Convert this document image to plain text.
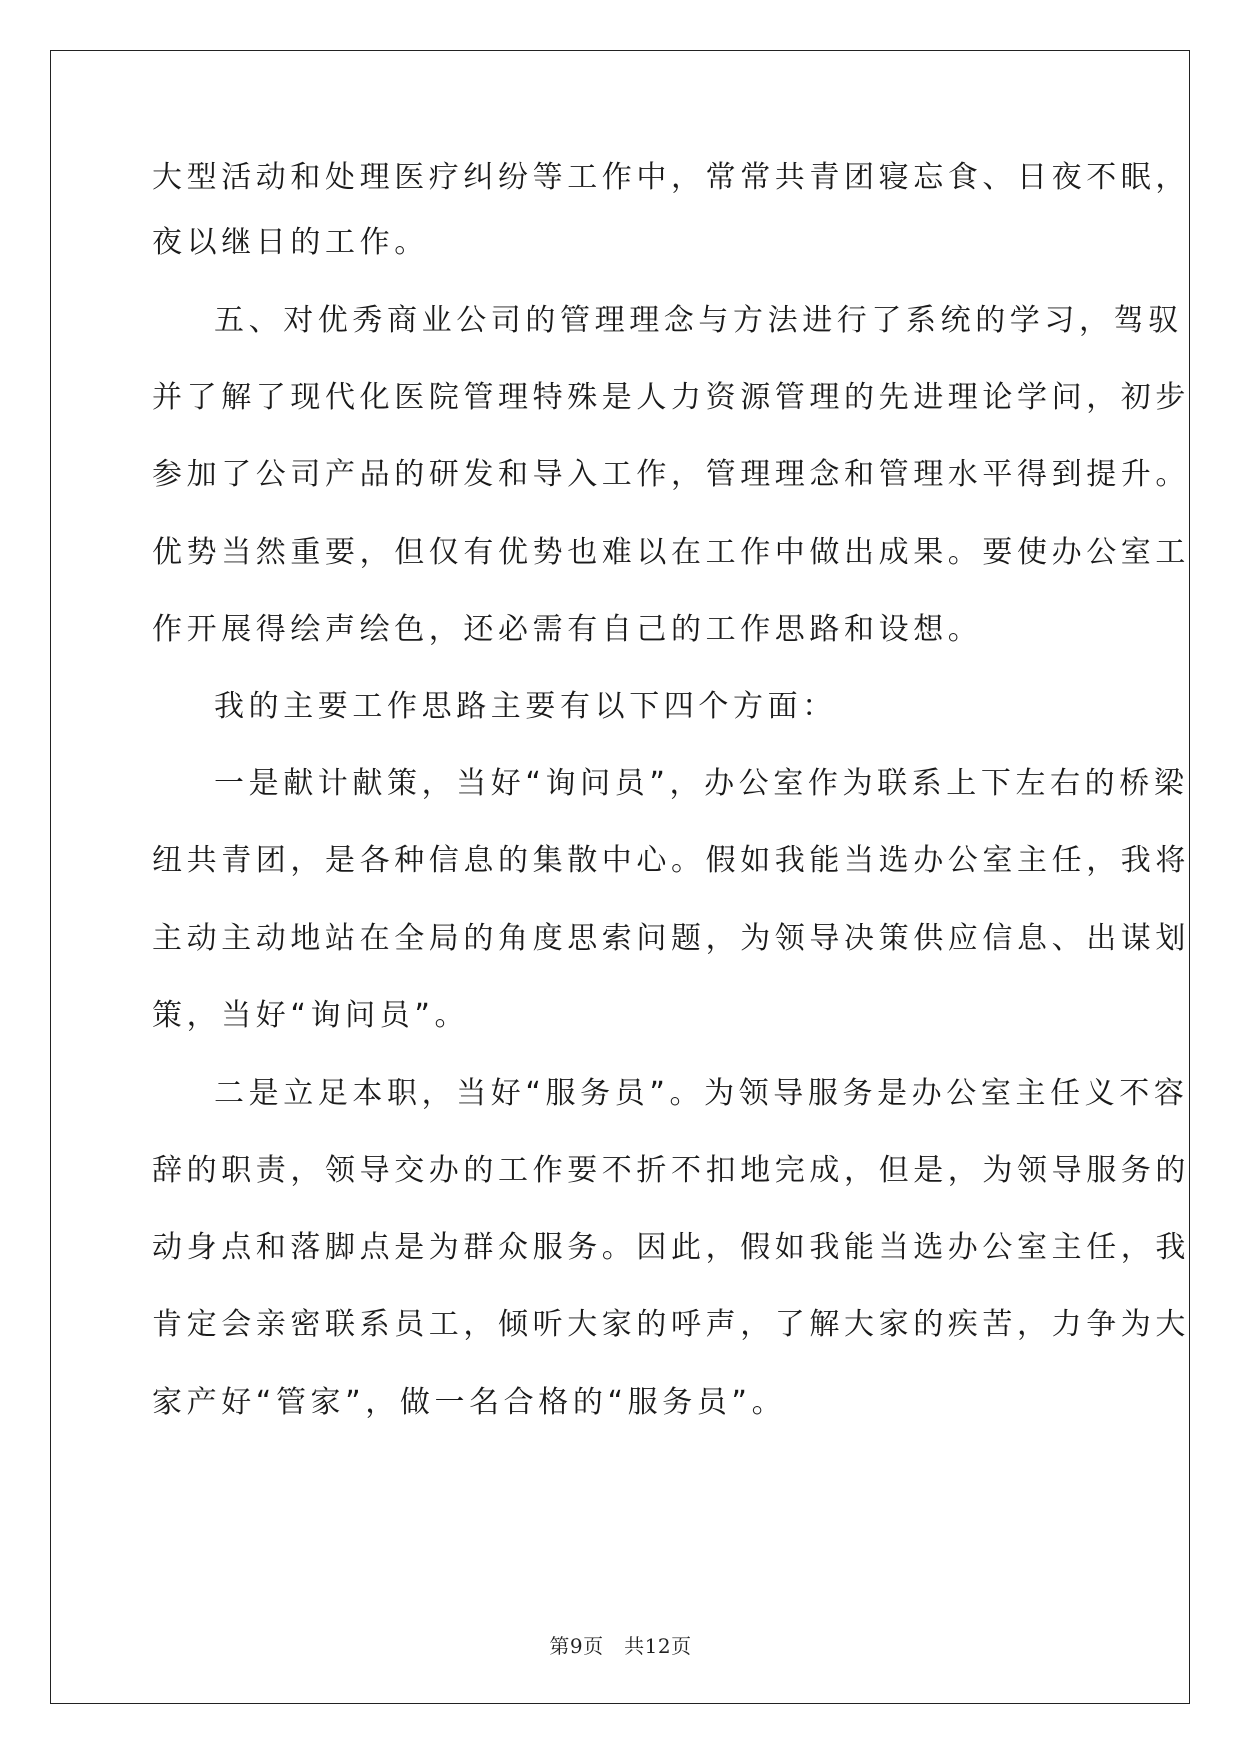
大型活动和处理医疗纠纷等工作中，常常共青团寝忘食、日夜不眠，
夜以继日的工作。
五、对优秀商业公司的管理理念与方法进行了系统的学习，驾驭
并了解了现代化医院管理特殊是人力资源管理的先进理论学问，初步
参加了公司产品的研发和导入工作，管理理念和管理水平得到提升。
优势当然重要，但仅有优势也难以在工作中做出成果。要使办公室工
作开展得绘声绘色，还必需有自己的工作思路和设想。
我的主要工作思路主要有以下四个方面：
一是献计献策，当好“询问员”，办公室作为联系上下左右的桥梁
纽共青团，是各种信息的集散中心。假如我能当选办公室主任，我将
主动主动地站在全局的角度思索问题，为领导决策供应信息、出谋划
策，当好“询问员”。
二是立足本职，当好“服务员”。为领导服务是办公室主任义不容
辞的职责，领导交办的工作要不折不扣地完成，但是，为领导服务的
动身点和落脚点是为群众服务。因此，假如我能当选办公室主任，我
肯定会亲密联系员工，倾听大家的呼声，了解大家的疾苦，力争为大
家产好“管家”，做一名合格的“服务员”。
第9页　共12页
